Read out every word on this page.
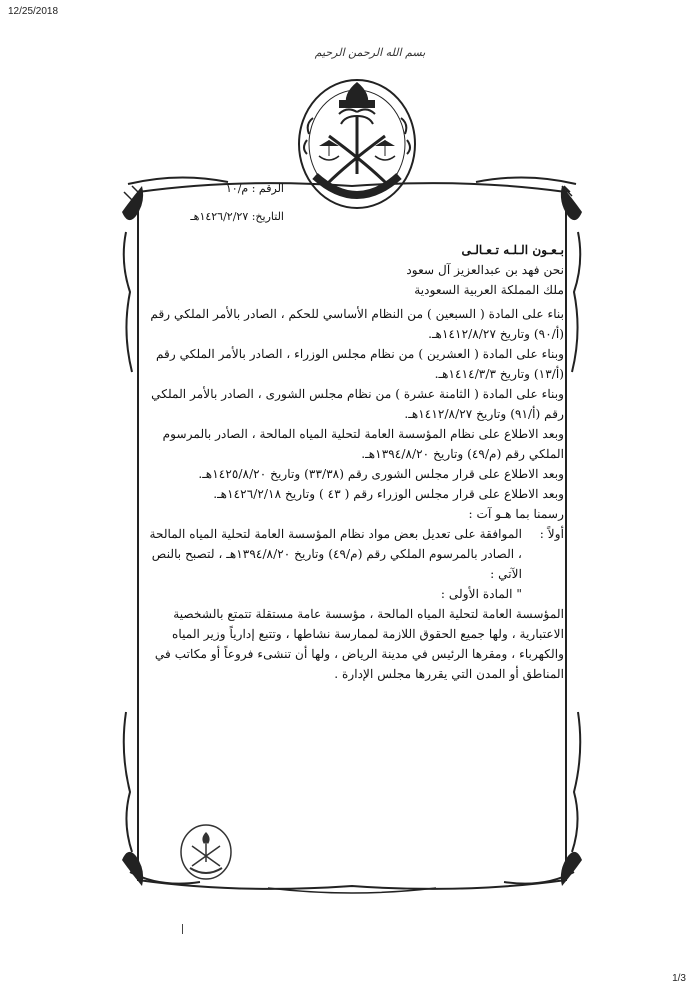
12/25/2018
بسم الله الرحمن الرحيم
الرقم : م/١٠
التاريخ: ١٤٢٦/٢/٢٧هـ

بـعـون الـلـه تـعـالـى

نحن فهد بن عبدالعزيز آل سعود

ملك المملكة العربية السعودية

بناء على المادة ( السبعين ) من النظام الأساسي للحكم ، الصادر بالأمر الملكي رقم (أ/٩٠) وتاريخ ١٤١٢/٨/٢٧هـ.

وبناء على المادة ( العشرين ) من نظام مجلس الوزراء ، الصادر بالأمر الملكي رقم (أ/١٣) وتاريخ ١٤١٤/٣/٣هـ.

وبناء على المادة ( الثامنة عشرة ) من نظام مجلس الشورى ، الصادر بالأمر الملكي رقم (أ/٩١) وتاريخ ١٤١٢/٨/٢٧هـ.

وبعد الاطلاع على نظام المؤسسة العامة لتحلية المياه المالحة ، الصادر بالمرسوم الملكي رقم (م/٤٩) وتاريخ ١٣٩٤/٨/٢٠هـ.

وبعد الاطلاع على قرار مجلس الشورى رقم (٣٣/٣٨) وتاريخ ١٤٢٥/٨/٢٠هـ.

وبعد الاطلاع على قرار مجلس الوزراء رقم ( ٤٣ ) وتاريخ ١٤٢٦/٢/١٨هـ.

رسمنا بما هـو آت :

أولاً :
الموافقة على تعديل بعض مواد نظام المؤسسة العامة لتحلية المياه المالحة ، الصادر بالمرسوم الملكي رقم (م/٤٩) وتاريخ ١٣٩٤/٨/٢٠هـ ، لتصبح بالنص الآتي :

" المادة الأولى :

المؤسسة العامة لتحلية المياه المالحة ، مؤسسة عامة مستقلة تتمتع بالشخصية الاعتبارية ، ولها جميع الحقوق اللازمة لممارسة نشاطها ، وتتبع إدارياً وزير المياه والكهرباء ، ومقرها الرئيس في مدينة الرياض ، ولها أن تنشىء فروعاً أو مكاتب في المناطق أو المدن التي يقررها مجلس الإدارة .

1/3
